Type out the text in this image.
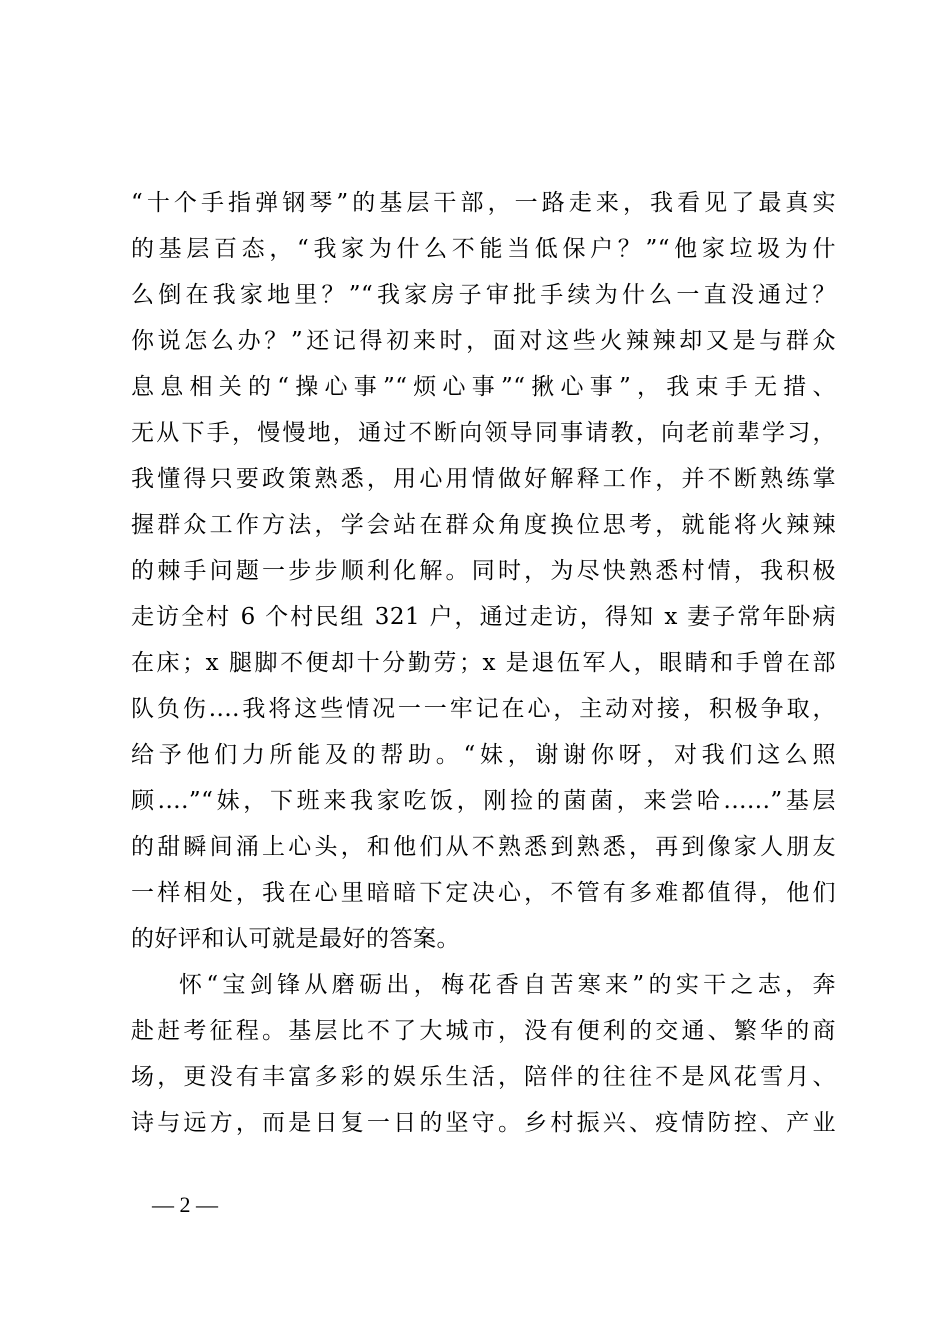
“十个手指弹钢琴”的基层干部，一路走来，我看见了最真实
的基层百态，“我家为什么不能当低保户？”“他家垃圾为什
么倒在我家地里？”“我家房子审批手续为什么一直没通过？
你说怎么办？”还记得初来时，面对这些火辣辣却又是与群众
息息相关的“操心事”“烦心事”“揪心事”，我束手无措、
无从下手，慢慢地，通过不断向领导同事请教，向老前辈学习，
我懂得只要政策熟悉，用心用情做好解释工作，并不断熟练掌
握群众工作方法，学会站在群众角度换位思考，就能将火辣辣
的棘手问题一步步顺利化解。同时，为尽快熟悉村情，我积极
走访全村 6 个村民组 321 户，通过走访，得知 x 妻子常年卧病
在床；x 腿脚不便却十分勤劳；x 是退伍军人，眼睛和手曾在部
队负伤....我将这些情况一一牢记在心，主动对接，积极争取，
给予他们力所能及的帮助。“妹，谢谢你呀，对我们这么照
顾....”“妹，下班来我家吃饭，刚捡的菌菌，来尝哈......”基层
的甜瞬间涌上心头，和他们从不熟悉到熟悉，再到像家人朋友
一样相处，我在心里暗暗下定决心，不管有多难都值得，他们
的好评和认可就是最好的答案。
怀“宝剑锋从磨砺出，梅花香自苦寒来”的实干之志，奔
赴赶考征程。基层比不了大城市，没有便利的交通、繁华的商
场，更没有丰富多彩的娱乐生活，陪伴的往往不是风花雪月、
诗与远方，而是日复一日的坚守。乡村振兴、疫情防控、产业
— 2 —
